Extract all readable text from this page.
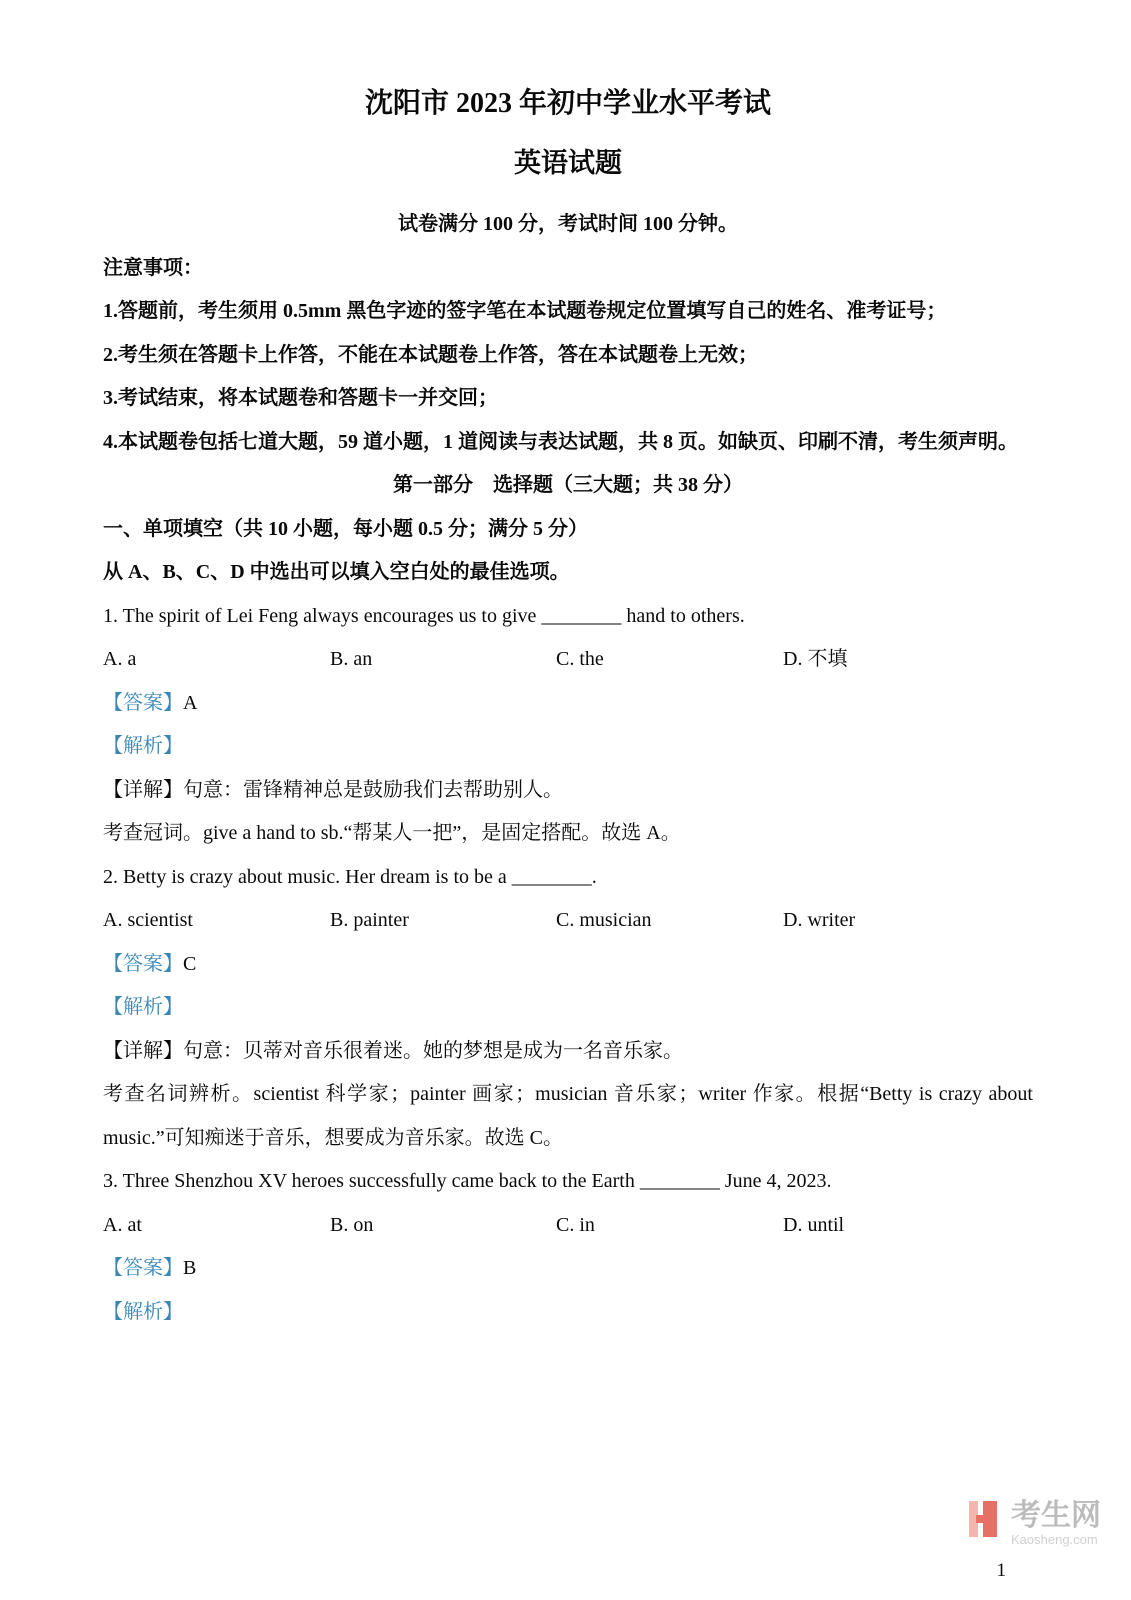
沈阳市 2023 年初中学业水平考试
英语试题

试卷满分 100 分，考试时间 100 分钟。

注意事项：

1.答题前，考生须用 0.5mm 黑色字迹的签字笔在本试题卷规定位置填写自己的姓名、准考证号；

2.考生须在答题卡上作答，不能在本试题卷上作答，答在本试题卷上无效；

3.考试结束，将本试题卷和答题卡一并交回；

4.本试题卷包括七道大题，59 道小题，1 道阅读与表达试题，共 8 页。如缺页、印刷不清，考生须声明。

第一部分　选择题（三大题；共 38 分）

一、单项填空（共 10 小题，每小题 0.5 分；满分 5 分）

从 A、B、C、D 中选出可以填入空白处的最佳选项。

1. The spirit of Lei Feng always encourages us to give ________ hand to others.

A. a	B. an	C. the	D. 不填

【答案】A

【解析】

【详解】句意：雷锋精神总是鼓励我们去帮助别人。

考查冠词。give a hand to sb.“帮某人一把”，是固定搭配。故选 A。

2. Betty is crazy about music. Her dream is to be a ________.

A. scientist	B. painter	C. musician	D. writer

【答案】C

【解析】

【详解】句意：贝蒂对音乐很着迷。她的梦想是成为一名音乐家。

考查名词辨析。scientist 科学家；painter 画家；musician 音乐家；writer 作家。根据“Betty is crazy about music.”可知痴迷于音乐，想要成为音乐家。故选 C。

3. Three Shenzhou XV heroes successfully came back to the Earth ________ June 4, 2023.

A. at	B. on	C. in	D. until

【答案】B

【解析】

考生网
Kaosheng.com
1
